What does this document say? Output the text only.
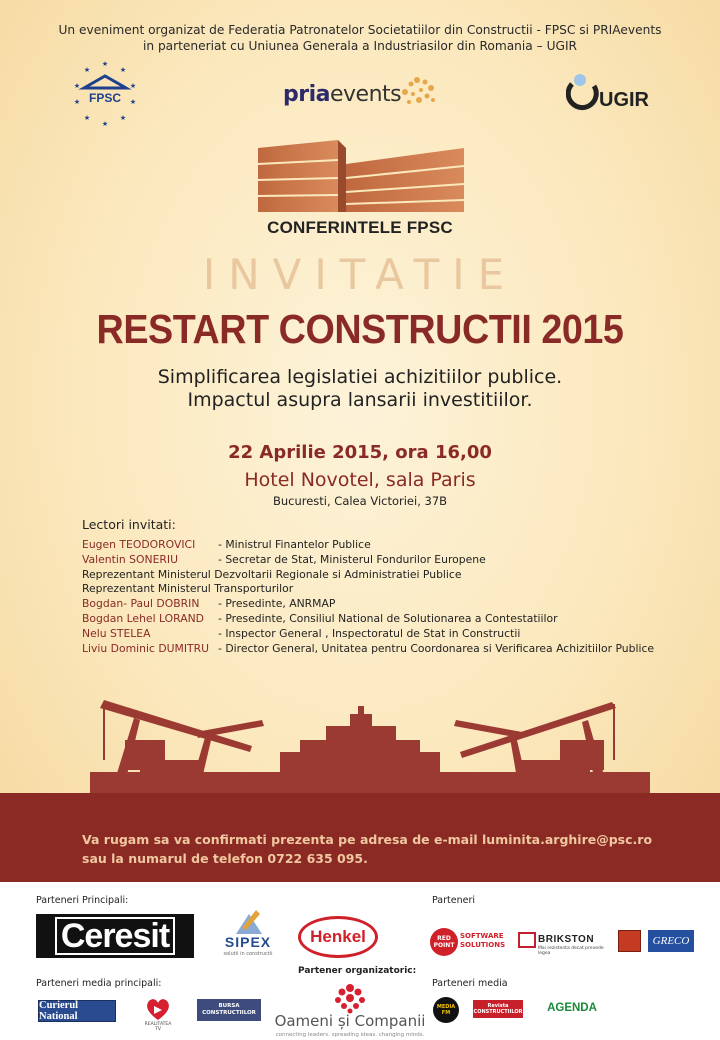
Un eveniment organizat de Federatia Patronatelor Societatiilor din Constructii - FPSC si PRIAevents
in parteneriat cu Uniunea Generala a Industriasilor din Romania – UGIR
★
★
★
★
★
★
★
★
★
★
FPSC	priaevents	UGIR
CONFERINTELE FPSC
INVITATIE
RESTART CONSTRUCTII 2015
Simplificarea legislatiei achizitiilor publice.
Impactul asupra lansarii investitiilor.
22 Aprilie 2015, ora 16,00
Hotel Novotel, sala Paris
Bucuresti, Calea Victoriei, 37B
Lectori invitati:
Eugen TEODOROVICI	- Ministrul Finantelor Publice
Valentin SONERIU	- Secretar de Stat, Ministerul Fondurilor Europene
Reprezentant Ministerul Dezvoltarii Regionale si Administratiei Publice
Reprezentant Ministerul Transporturilor
Bogdan- Paul DOBRIN	- Presedinte, ANRMAP
Bogdan Lehel LORAND	- Presedinte, Consiliul National de Solutionarea a Contestatiilor
Nelu STELEA	- Inspector General , Inspectoratul de Stat in Constructii
Liviu Dominic DUMITRU - Director General, Unitatea pentru Coordonarea si Verificarea Achizitiilor Publice
Va rugam sa va confirmati prezenta pe adresa de e-mail luminita.arghire@psc.ro
sau la numarul de telefon 0722 635 095.
Parteneri Principali:	Parteneri
Ceresit	SIPEX
solutii in constructii
Henkel	RED POINT
SOFTWARE
SOLUTIONS	BRIKSTON
Mai rezistenta decat prevede legea
GRECO
Partener organizatoric:
Parteneri media principali:	Parteneri media
Curierul National
REALITATEA TV
BURSA CONSTRUCTIILOR	Oameni și Companii
connecting leaders. spreading ideas. changing minds.
MEDIA FM
Revista CONSTRUCTIILOR	AGENDA
